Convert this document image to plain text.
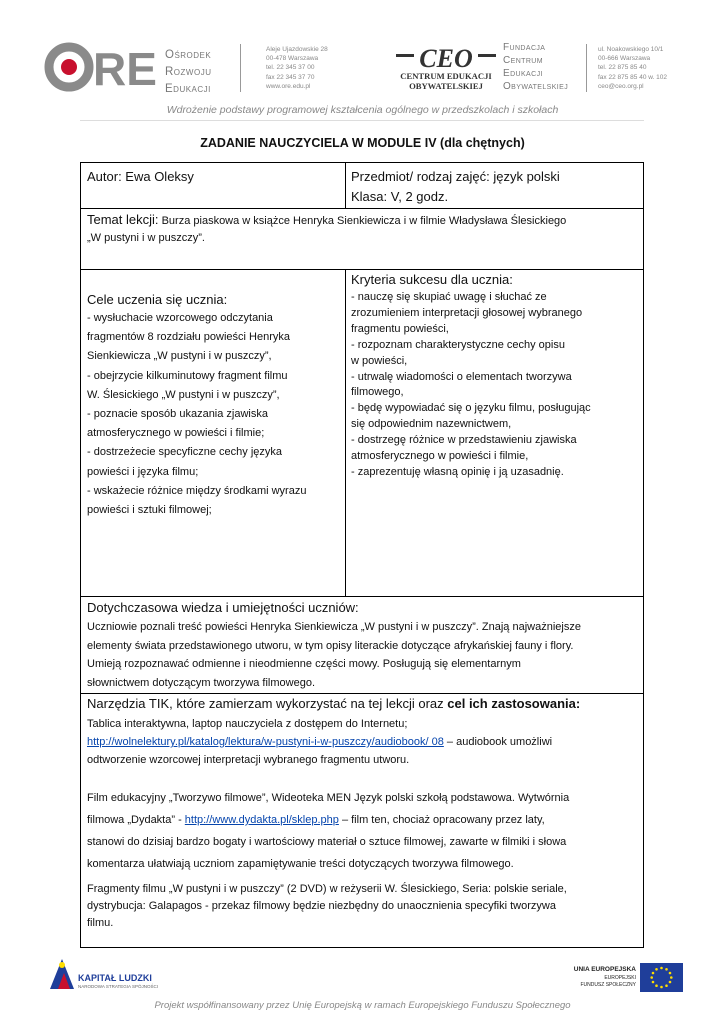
RE Ośrodek
Rozwoju
Edukacji
Aleje Ujazdowskie 28
00-478 Warszawa
tel. 22 345 37 00
fax 22 345 37 70
www.ore.edu.pl
CEO
CENTRUM EDUKACJI
OBYWATELSKIEJ
Fundacja
Centrum
Edukacji
Obywatelskiej
ul. Noakowskiego 10/1
00-666 Warszawa
tel. 22 875 85 40
fax 22 875 85 40 w. 102
ceo@ceo.org.pl
Wdrożenie podstawy programowej kształcenia ogólnego w przedszkolach i szkołach
ZADANIE NAUCZYCIELA W MODULE IV (dla chętnych)
Autor: Ewa Oleksy	Przedmiot/ rodzaj zajęć: język polski
Klasa: V, 2 godz.
Temat lekcji: Burza piaskowa w książce Henryka Sienkiewicza i w filmie Władysława Ślesickiego
„W pustyni i w puszczy”.
Cele uczenia się ucznia:
- wysłuchacie wzorcowego odczytania
fragmentów 8 rozdziału powieści Henryka
Sienkiewicza „W pustyni i w puszczy”,
- obejrzycie kilkuminutowy fragment filmu
W. Ślesickiego „W pustyni i w puszczy”,
- poznacie sposób ukazania zjawiska
atmosferycznego w powieści i filmie;
- dostrzeżecie specyficzne cechy języka
powieści i języka filmu;
- wskażecie różnice między środkami wyrazu
powieści i sztuki filmowej;
Kryteria sukcesu dla ucznia:
- nauczę się skupiać uwagę i słuchać ze
zrozumieniem interpretacji głosowej wybranego
fragmentu powieści,
- rozpoznam charakterystyczne cechy opisu
w powieści,
- utrwalę wiadomości o elementach tworzywa
filmowego,
- będę wypowiadać się o języku filmu, posługując
się odpowiednim nazewnictwem,
- dostrzegę różnice w przedstawieniu zjawiska
atmosferycznego w powieści i filmie,
- zaprezentuję własną opinię i ją uzasadnię.
Dotychczasowa wiedza i umiejętności uczniów:
Uczniowie poznali treść powieści Henryka Sienkiewicza „W pustyni i w puszczy”. Znają najważniejsze
elementy świata przedstawionego utworu, w tym opisy literackie dotyczące afrykańskiej fauny i flory.
Umieją rozpoznawać odmienne i nieodmienne części mowy. Posługują się elementarnym
słownictwem dotyczącym tworzywa filmowego.
Narzędzia TIK, które zamierzam wykorzystać na tej lekcji oraz cel ich zastosowania:
Tablica interaktywna, laptop nauczyciela z dostępem do Internetu;
http://wolnelektury.pl/katalog/lektura/w-pustyni-i-w-puszczy/audiobook/ 08 – audiobook umożliwi
odtworzenie wzorcowej interpretacji wybranego fragmentu utworu.
Film edukacyjny „Tworzywo filmowe”, Wideoteka MEN Język polski szkołą podstawowa. Wytwórnia
filmowa „Dydakta” - http://www.dydakta.pl/sklep.php – film ten, chociaż opracowany przez laty,
stanowi do dzisiaj bardzo bogaty i wartościowy materiał o sztuce filmowej, zawarte w filmiki i słowa
komentarza ułatwiają uczniom zapamiętywanie treści dotyczących tworzywa filmowego.
Fragmenty filmu „W pustyni i w puszczy” (2 DVD) w reżyserii W. Ślesickiego, Seria: polskie seriale,
dystrybucja: Galapagos - przekaz filmowy będzie niezbędny do unaocznienia specyfiki tworzywa
filmu.
KAPITAŁ LUDZKI
NARODOWA STRATEGIA SPÓJNOŚCI
UNIA EUROPEJSKA
EUROPEJSKI
FUNDUSZ SPOŁECZNY
Projekt współfinansowany przez Unię Europejską w ramach Europejskiego Funduszu Społecznego
